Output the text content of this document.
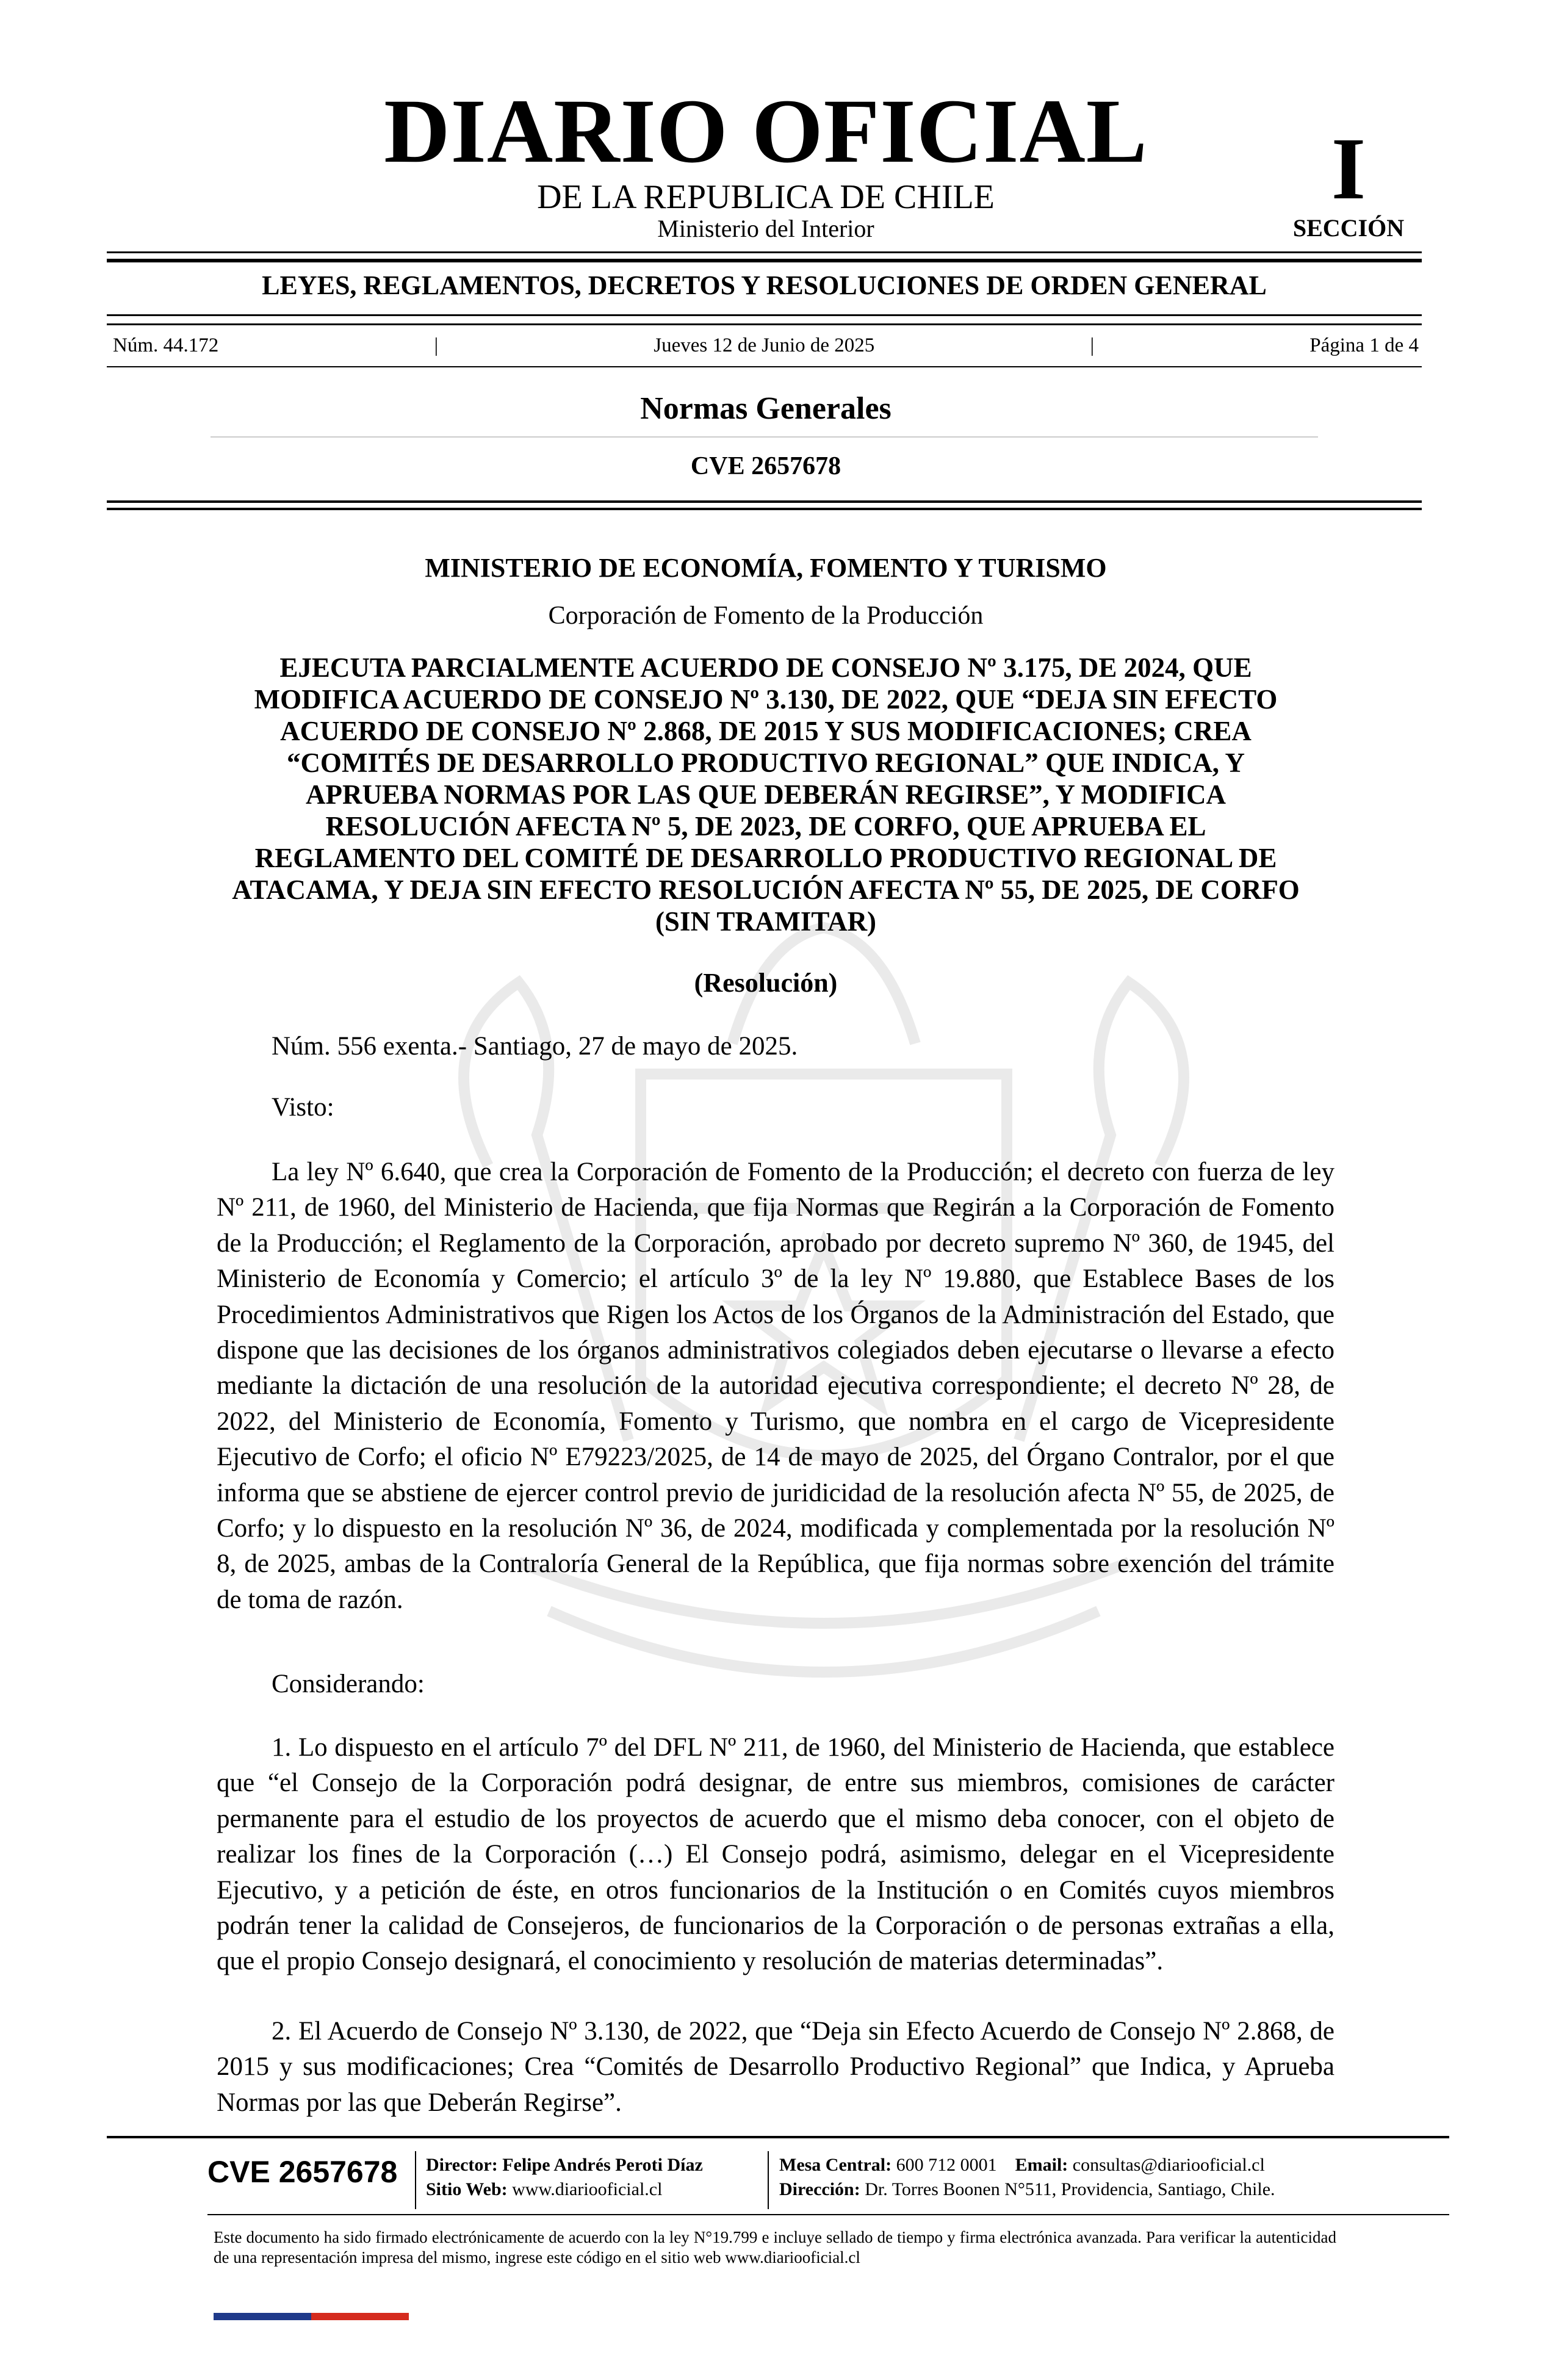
DIARIO OFICIAL
DE LA REPUBLICA DE CHILE
Ministerio del Interior
I
SECCIÓN
LEYES, REGLAMENTOS, DECRETOS Y RESOLUCIONES DE ORDEN GENERAL
Núm. 44.172	|	Jueves 12 de Junio de 2025	|	Página 1 de 4
Normas Generales
CVE 2657678
MINISTERIO DE ECONOMÍA, FOMENTO Y TURISMO
Corporación de Fomento de la Producción
EJECUTA PARCIALMENTE ACUERDO DE CONSEJO Nº 3.175, DE 2024, QUE MODIFICA ACUERDO DE CONSEJO Nº 3.130, DE 2022, QUE “DEJA SIN EFECTO ACUERDO DE CONSEJO Nº 2.868, DE 2015 Y SUS MODIFICACIONES; CREA “COMITÉS DE DESARROLLO PRODUCTIVO REGIONAL” QUE INDICA, Y APRUEBA NORMAS POR LAS QUE DEBERÁN REGIRSE”, Y MODIFICA RESOLUCIÓN AFECTA Nº 5, DE 2023, DE CORFO, QUE APRUEBA EL REGLAMENTO DEL COMITÉ DE DESARROLLO PRODUCTIVO REGIONAL DE ATACAMA, Y DEJA SIN EFECTO RESOLUCIÓN AFECTA Nº 55, DE 2025, DE CORFO (SIN TRAMITAR)
(Resolución)
Núm. 556 exenta.- Santiago, 27 de mayo de 2025.
Visto:
La ley Nº 6.640, que crea la Corporación de Fomento de la Producción; el decreto con fuerza de ley Nº 211, de 1960, del Ministerio de Hacienda, que fija Normas que Regirán a la Corporación de Fomento de la Producción; el Reglamento de la Corporación, aprobado por decreto supremo Nº 360, de 1945, del Ministerio de Economía y Comercio; el artículo 3º de la ley Nº 19.880, que Establece Bases de los Procedimientos Administrativos que Rigen los Actos de los Órganos de la Administración del Estado, que dispone que las decisiones de los órganos administrativos colegiados deben ejecutarse o llevarse a efecto mediante la dictación de una resolución de la autoridad ejecutiva correspondiente; el decreto Nº 28, de 2022, del Ministerio de Economía, Fomento y Turismo, que nombra en el cargo de Vicepresidente Ejecutivo de Corfo; el oficio Nº E79223/2025, de 14 de mayo de 2025, del Órgano Contralor, por el que informa que se abstiene de ejercer control previo de juridicidad de la resolución afecta Nº 55, de 2025, de Corfo; y lo dispuesto en la resolución Nº 36, de 2024, modificada y complementada por la resolución Nº 8, de 2025, ambas de la Contraloría General de la República, que fija normas sobre exención del trámite de toma de razón.
Considerando:
1. Lo dispuesto en el artículo 7º del DFL Nº 211, de 1960, del Ministerio de Hacienda, que establece que “el Consejo de la Corporación podrá designar, de entre sus miembros, comisiones de carácter permanente para el estudio de los proyectos de acuerdo que el mismo deba conocer, con el objeto de realizar los fines de la Corporación (…) El Consejo podrá, asimismo, delegar en el Vicepresidente Ejecutivo, y a petición de éste, en otros funcionarios de la Institución o en Comités cuyos miembros podrán tener la calidad de Consejeros, de funcionarios de la Corporación o de personas extrañas a ella, que el propio Consejo designará, el conocimiento y resolución de materias determinadas”.
2. El Acuerdo de Consejo Nº 3.130, de 2022, que “Deja sin Efecto Acuerdo de Consejo Nº 2.868, de 2015 y sus modificaciones; Crea “Comités de Desarrollo Productivo Regional” que Indica, y Aprueba Normas por las que Deberán Regirse”.
CVE 2657678 Director: Felipe Andrés Peroti Díaz
Sitio Web: www.diariooficial.cl
Mesa Central: 600 712 0001 Email: consultas@diariooficial.cl
Dirección: Dr. Torres Boonen N°511, Providencia, Santiago, Chile.
Este documento ha sido firmado electrónicamente de acuerdo con la ley N°19.799 e incluye sellado de tiempo y firma electrónica avanzada. Para verificar la autenticidad de una representación impresa del mismo, ingrese este código en el sitio web www.diariooficial.cl
